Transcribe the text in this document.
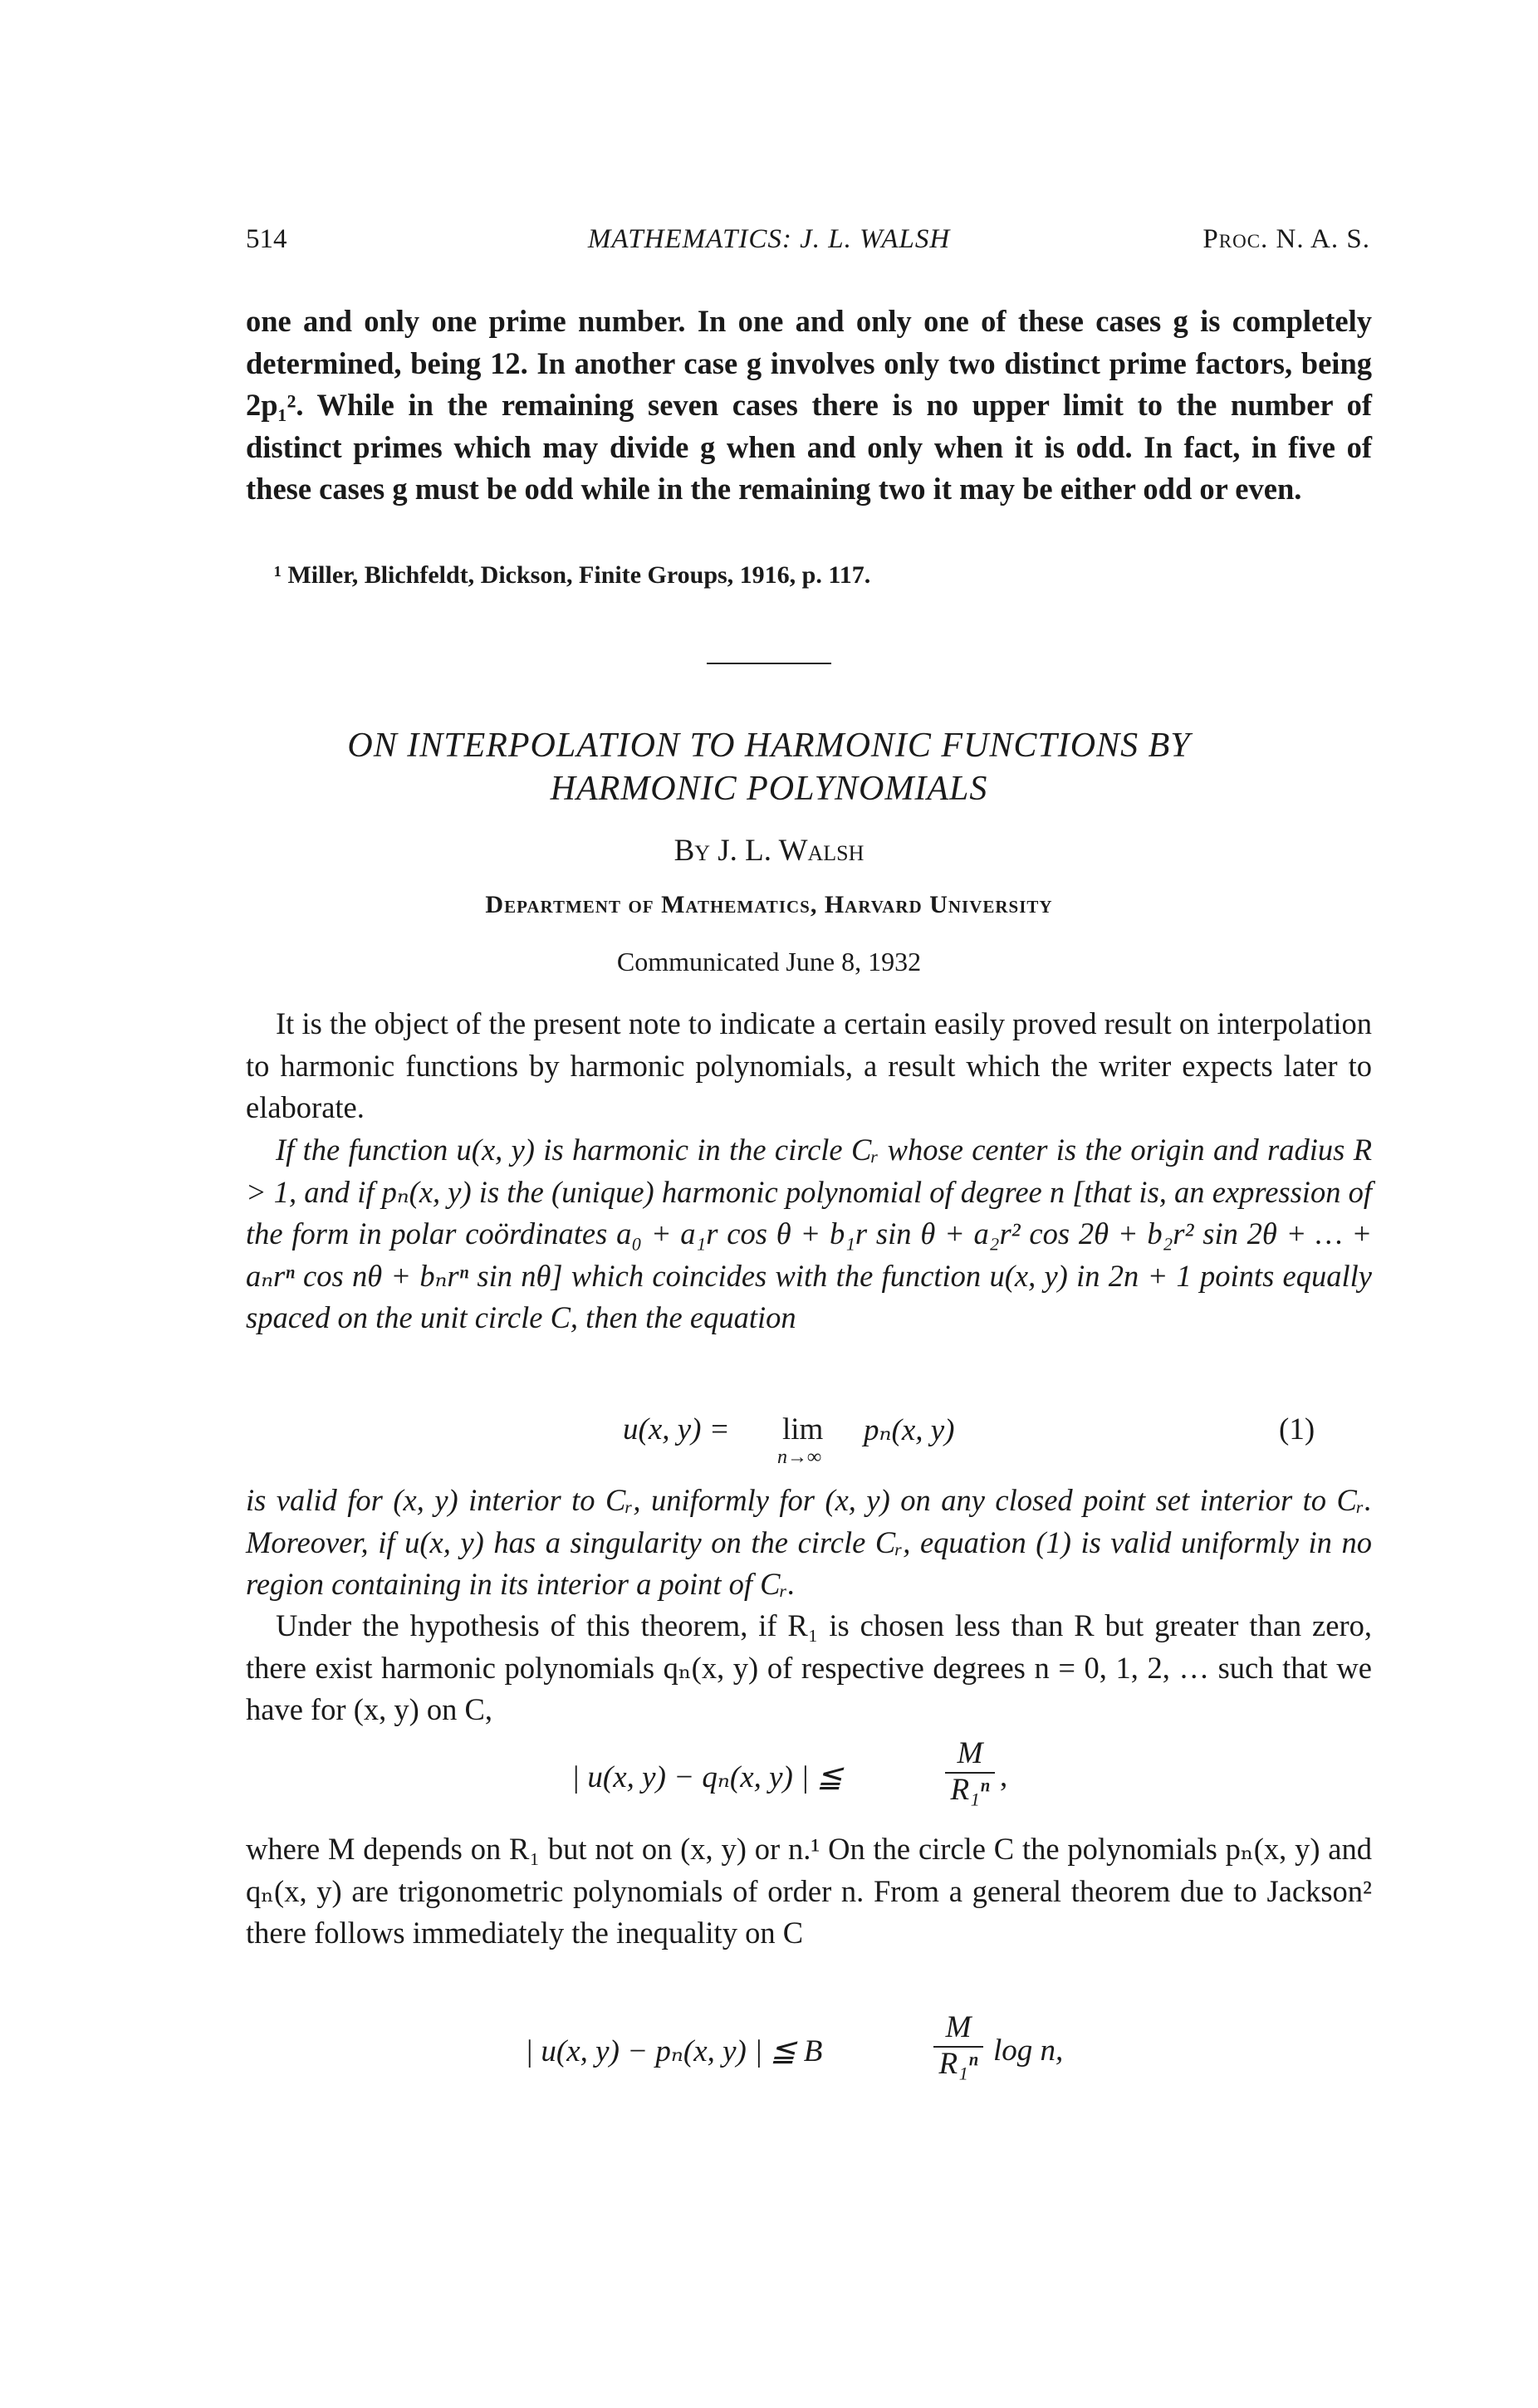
514	MATHEMATICS: J. L. WALSH	Proc. N. A. S.
one and only one prime number. In one and only one of these cases g is completely determined, being 12. In another case g involves only two distinct prime factors, being 2p₁². While in the remaining seven cases there is no upper limit to the number of distinct primes which may divide g when and only when it is odd. In fact, in five of these cases g must be odd while in the remaining two it may be either odd or even.
¹ Miller, Blichfeldt, Dickson, Finite Groups, 1916, p. 117.
ON INTERPOLATION TO HARMONIC FUNCTIONS BY
HARMONIC POLYNOMIALS
By J. L. Walsh
Department of Mathematics, Harvard University
Communicated June 8, 1932
It is the object of the present note to indicate a certain easily proved result on interpolation to harmonic functions by harmonic polynomials, a result which the writer expects later to elaborate.
If the function u(x, y) is harmonic in the circle Cᵣ whose center is the origin and radius R > 1, and if pₙ(x, y) is the (unique) harmonic polynomial of degree n [that is, an expression of the form in polar coördinates a₀ + a₁r cos θ + b₁r sin θ + a₂r² cos 2θ + b₂r² sin 2θ + … + aₙrⁿ cos nθ + bₙrⁿ sin nθ] which coincides with the function u(x, y) in 2n + 1 points equally spaced on the unit circle C, then the equation
u(x, y) = lim
n→∞
pₙ(x, y)	(1)
is valid for (x, y) interior to Cᵣ, uniformly for (x, y) on any closed point set interior to Cᵣ. Moreover, if u(x, y) has a singularity on the circle Cᵣ, equation (1) is valid uniformly in no region containing in its interior a point of Cᵣ.
Under the hypothesis of this theorem, if R₁ is chosen less than R but greater than zero, there exist harmonic polynomials qₙ(x, y) of respective degrees n = 0, 1, 2, … such that we have for (x, y) on C,
| u(x, y) − qₙ(x, y) | ≦	$\frac{M}{\text{R₁ⁿ}}$ ,
where M depends on R₁ but not on (x, y) or n.¹ On the circle C the polynomials pₙ(x, y) and qₙ(x, y) are trigonometric polynomials of order n. From a general theorem due to Jackson² there follows immediately the inequality on C
| u(x, y) − pₙ(x, y) | ≦ B	$\frac{M}{\text{R₁ⁿ}}$ log n,
